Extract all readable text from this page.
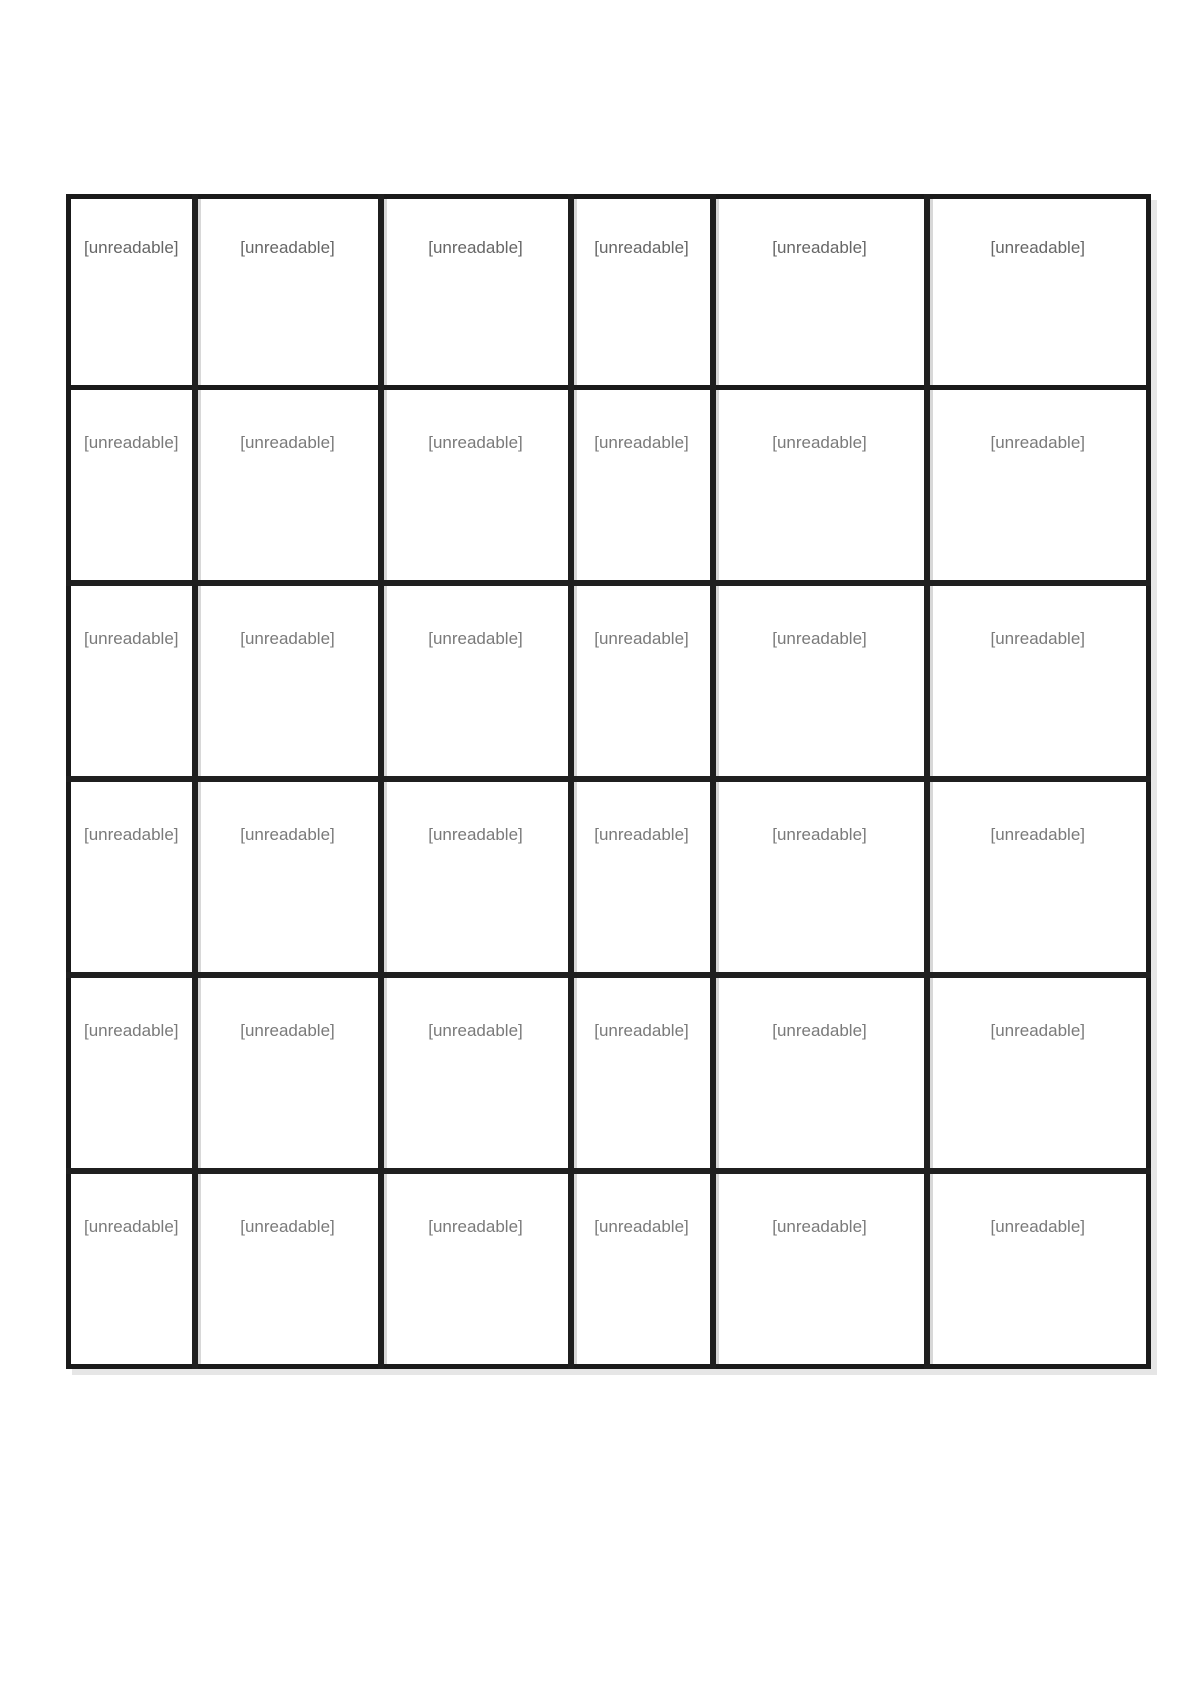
[unreadable]	[unreadable]	[unreadable]	[unreadable]	[unreadable]	[unreadable]
[unreadable]	[unreadable]	[unreadable]	[unreadable]	[unreadable]	[unreadable]
[unreadable]	[unreadable]	[unreadable]	[unreadable]	[unreadable]	[unreadable]
[unreadable]	[unreadable]	[unreadable]	[unreadable]	[unreadable]	[unreadable]
[unreadable]	[unreadable]	[unreadable]	[unreadable]	[unreadable]	[unreadable]
[unreadable]	[unreadable]	[unreadable]	[unreadable]	[unreadable]	[unreadable]
